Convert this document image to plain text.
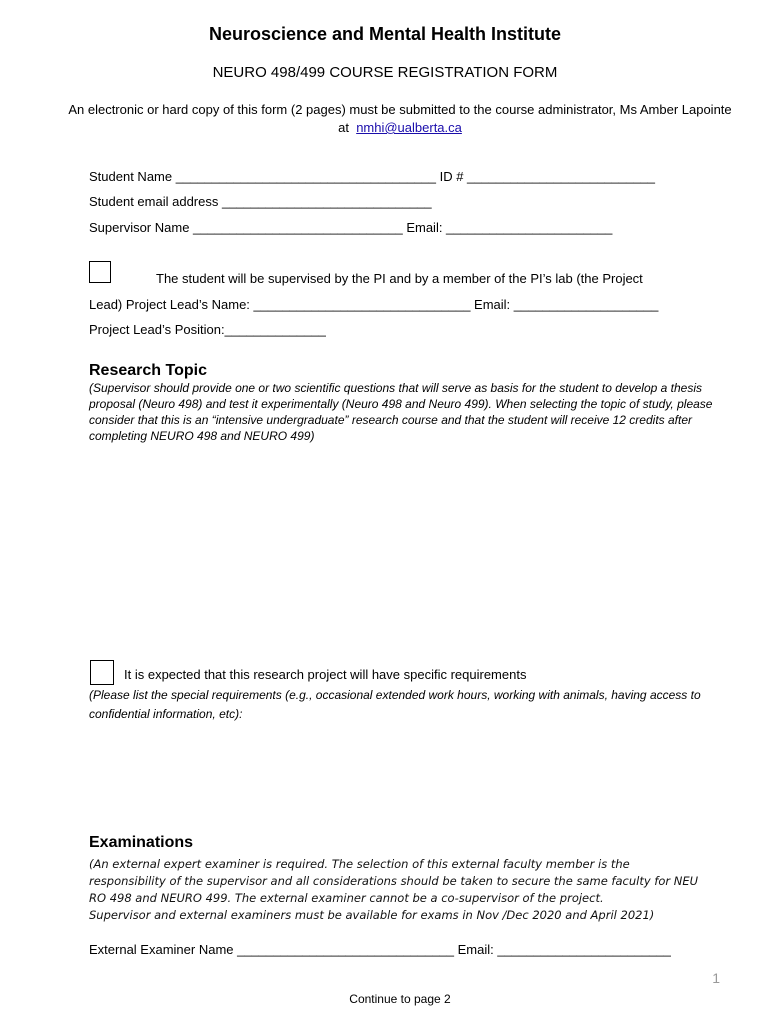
Neuroscience and Mental Health Institute
NEURO 498/499 COURSE REGISTRATION FORM
An electronic or hard copy of this form (2 pages) must be submitted to the course administrator, Ms Amber Lapointe at nmhi@ualberta.ca
Student Name ____________________________________ ID # __________________________
Student email address _____________________________
Supervisor Name _____________________________ Email: _______________________
The student will be supervised by the PI and by a member of the PI’s lab (the Project
Lead) Project Lead’s Name: ______________________________ Email: ____________________
Project Lead’s Position:______________
Research Topic
(Supervisor should provide one or two scientific questions that will serve as basis for the student to develop a thesis proposal (Neuro 498) and test it experimentally (Neuro 498 and Neuro 499). When selecting the topic of study, please consider that this is an “intensive undergraduate” research course and that the student will receive 12 credits after completing NEURO 498 and NEURO 499)
It is expected that this research project will have specific requirements
(Please list the special requirements (e.g., occasional extended work hours, working with animals, having access to confidential information, etc):
Examinations
(An external expert examiner is required. The selection of this external faculty member is the
responsibility of the supervisor and all considerations should be taken to secure the same faculty for NEU
RO 498 and NEURO 499. The external examiner cannot be a co-supervisor of the project.
Supervisor and external examiners must be available for exams in Nov /Dec 2020 and April 2021)
External Examiner Name ______________________________ Email: ________________________
1
Continue to page 2
